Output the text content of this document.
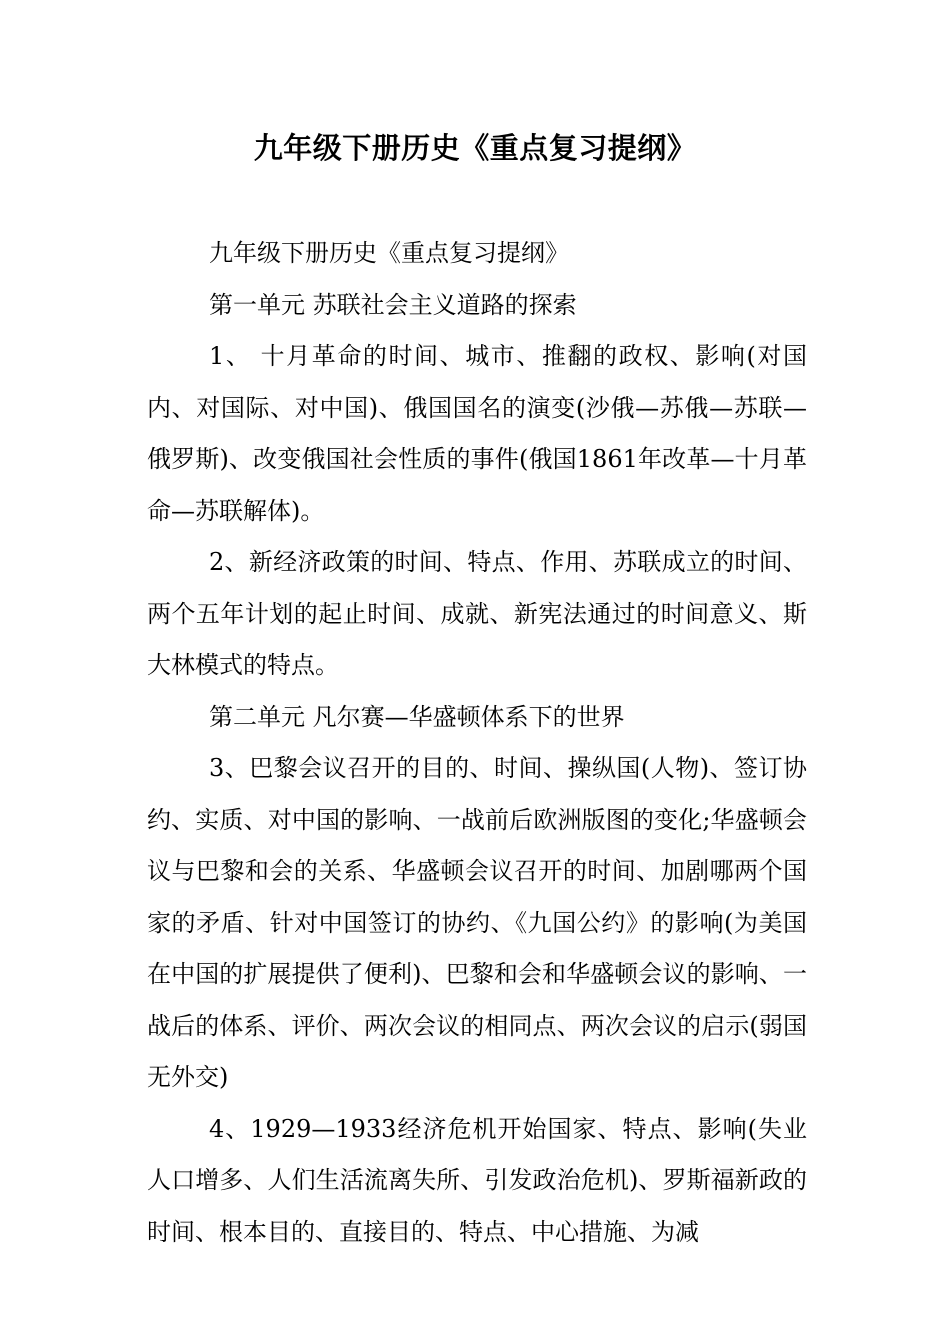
九年级下册历史《重点复习提纲》

九年级下册历史《重点复习提纲》

第一单元 苏联社会主义道路的探索

1、 十月革命的时间、城市、推翻的政权、影响(对国内、对国际、对中国)、俄国国名的演变(沙俄—苏俄—苏联—俄罗斯)、改变俄国社会性质的事件(俄国1861年改革—十月革命—苏联解体)。

2、新经济政策的时间、特点、作用、苏联成立的时间、两个五年计划的起止时间、成就、新宪法通过的时间意义、斯大林模式的特点。

第二单元 凡尔赛—华盛顿体系下的世界

3、巴黎会议召开的目的、时间、操纵国(人物)、签订协约、实质、对中国的影响、一战前后欧洲版图的变化;华盛顿会议与巴黎和会的关系、华盛顿会议召开的时间、加剧哪两个国家的矛盾、针对中国签订的协约、《九国公约》的影响(为美国在中国的扩展提供了便利)、巴黎和会和华盛顿会议的影响、一战后的体系、评价、两次会议的相同点、两次会议的启示(弱国无外交)

4、1929—1933经济危机开始国家、特点、影响(失业人口增多、人们生活流离失所、引发政治危机)、罗斯福新政的时间、根本目的、直接目的、特点、中心措施、为减
